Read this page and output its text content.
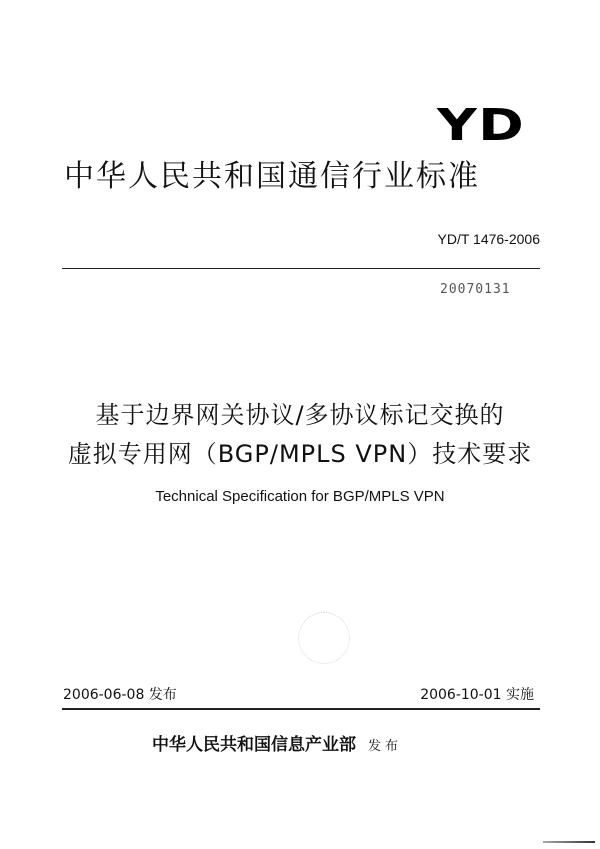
YD
中华人民共和国通信行业标准
YD/T 1476-2006
20070131
基于边界网关协议/多协议标记交换的
虚拟专用网（BGP/MPLS VPN）技术要求
Technical Specification for BGP/MPLS VPN
2006-06-08 发布	2006-10-01 实施
中华人民共和国信息产业部 发布
